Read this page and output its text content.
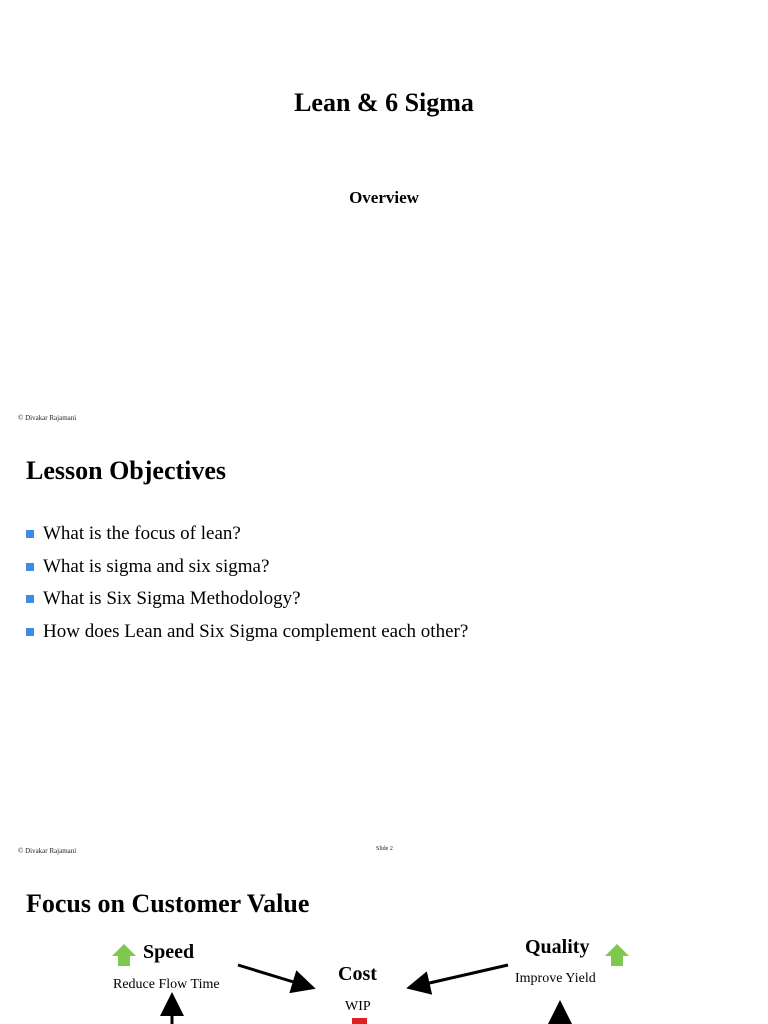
Lean & 6 Sigma
Overview
© Divakar Rajamani
Lesson Objectives
What is the focus of lean?
What is sigma and six sigma?
What is Six Sigma Methodology?
How does Lean and Six Sigma complement each other?
© Divakar Rajamani	Slide 2
Focus on Customer Value
Speed
Reduce Flow Time	Cost
WIP
Quality
Improve Yield
